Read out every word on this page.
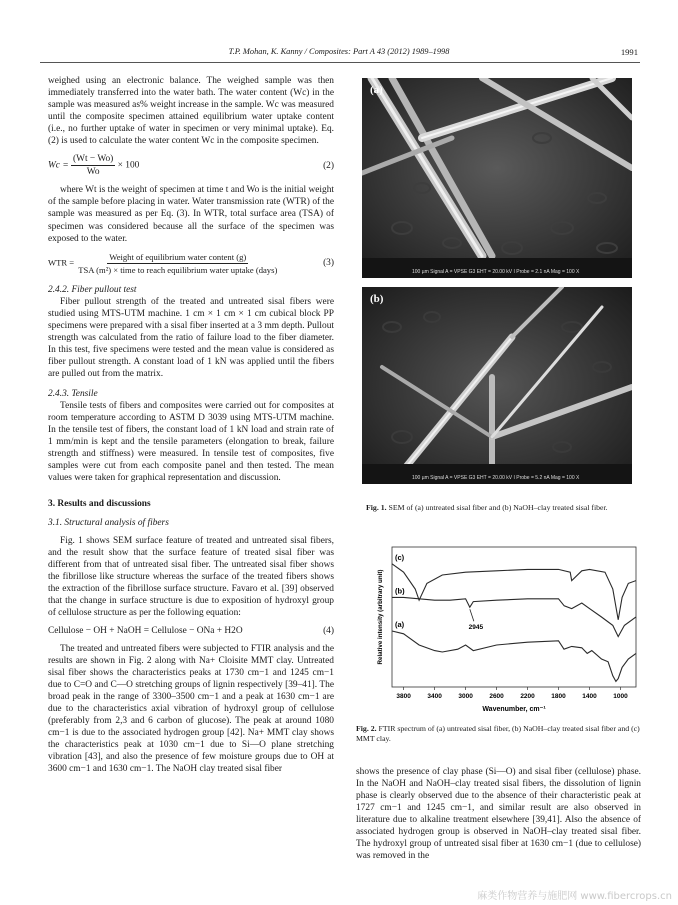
T.P. Mohan, K. Kanny / Composites: Part A 43 (2012) 1989–1998	1991

weighed using an electronic balance. The weighed sample was then immediately transferred into the water bath. The water content (Wc) in the sample was measured as% weight increase in the sample. Wc was measured until the composite specimen attained equilibrium water uptake content (i.e., no further uptake of water in specimen or very minimal uptake). Eq. (2) is used to calculate the water content Wc in the composite specimen.

$Wc = \frac{(Wt - Wo)}{Wo} \times 100$	(2)

where Wt is the weight of specimen at time t and Wo is the initial weight of the sample before placing in water. Water transmission rate (WTR) of the sample was measured as per Eq. (3). In WTR, total surface area (TSA) of specimen was considered because all the surface of the specimen was exposed to the water.

WTR = $\frac{\text{Weight of equilibrium water content (g)}}{\text{TSA (m²) × time to reach equilibrium water uptake (days)}}$	(3)

2.4.2. Fiber pullout test

Fiber pullout strength of the treated and untreated sisal fibers were studied using MTS-UTM machine. 1 cm × 1 cm × 1 cm cubical block PP specimens were prepared with a sisal fiber inserted at a 3 mm depth. Pullout strength was calculated from the ratio of failure load to the fiber diameter. In this test, five specimens were tested and the mean value is considered as fiber pullout strength. A constant load of 1 kN was applied until the fibers are pulled out from the matrix.

2.4.3. Tensile

Tensile tests of fibers and composites were carried out for composites at room temperature according to ASTM D 3039 using MTS-UTM machine. In the tensile test of fibers, the constant load of 1 kN load and strain rate of 1 mm/min is kept and the tensile parameters (elongation to break, failure strength and stiffness) were measured. In tensile test of composites, five samples were cut from each composite panel and then tested. The mean values were taken for graphical representation and discussion.

3. Results and discussions

3.1. Structural analysis of fibers

Fig. 1 shows SEM surface feature of treated and untreated sisal fibers, and the result show that the surface feature of treated sisal fiber was different from that of untreated sisal fiber. The untreated sisal fiber shows the fibrillose like structure whereas the surface of the treated fibers shows the extraction of the fibrillose surface structure. Favaro et al. [39] observed that the change in surface structure is due to exposition of hydroxyl group of cellulose structure as per the following equation:

Cellulose − OH + NaOH = Cellulose − ONa + H2O	(4)

The treated and untreated fibers were subjected to FTIR analysis and the results are shown in Fig. 2 along with Na+ Cloisite MMT clay. Untreated sisal fiber shows the characteristics peaks at 1730 cm−1 and 1245 cm−1 due to C=O and C—O stretching groups of lignin respectively [39–41]. The broad peak in the range of 3300–3500 cm−1 and a peak at 1630 cm−1 are due to the characteristics axial vibration of hydroxyl group of cellulose (preferably from 2,3 and 6 carbon of glucose). The peak at around 1080 cm−1 is due to the associated hydrogen group [42]. Na+ MMT clay shows the characteristics peak at 1030 cm−1 due to Si—O plane stretching vibration [43], and also the presence of few moisture groups due to OH at 3600 cm−1 and 1630 cm−1. The NaOH clay treated sisal fiber

(a)
100 µm Signal A = VPSE G3 EHT = 20.00 kV I Probe = 2.1 nA Mag = 100 X
(b)
100 µm Signal A = VPSE G3 EHT = 20.00 kV I Probe = 5.2 nA Mag = 100 X
Fig. 1. SEM of (a) untreated sisal fiber and (b) NaOH–clay treated sisal fiber.
Relative intensity (arbitrary unit)
Wavenumber, cm⁻¹
3800	3400	3000	2600	2200	1800	1400	1000
(c)
(b)
(a)	2945
Fig. 2. FTIR spectrum of (a) untreated sisal fiber, (b) NaOH–clay treated sisal fiber and (c) MMT clay.

shows the presence of clay phase (Si—O) and sisal fiber (cellulose) phase. In the NaOH and NaOH–clay treated sisal fibers, the dissolution of lignin phase is clearly observed due to the absence of their characteristic peak at 1727 cm−1 and 1245 cm−1, and similar result are also observed in literature due to alkaline treatment elsewhere [39,41]. Also the absence of associated hydrogen group is observed in NaOH–clay treated sisal fiber. The hydroxyl group of untreated sisal fiber at 1630 cm−1 (due to cellulose) was removed in the

麻类作物营养与施肥网 www.fibercrops.cn
